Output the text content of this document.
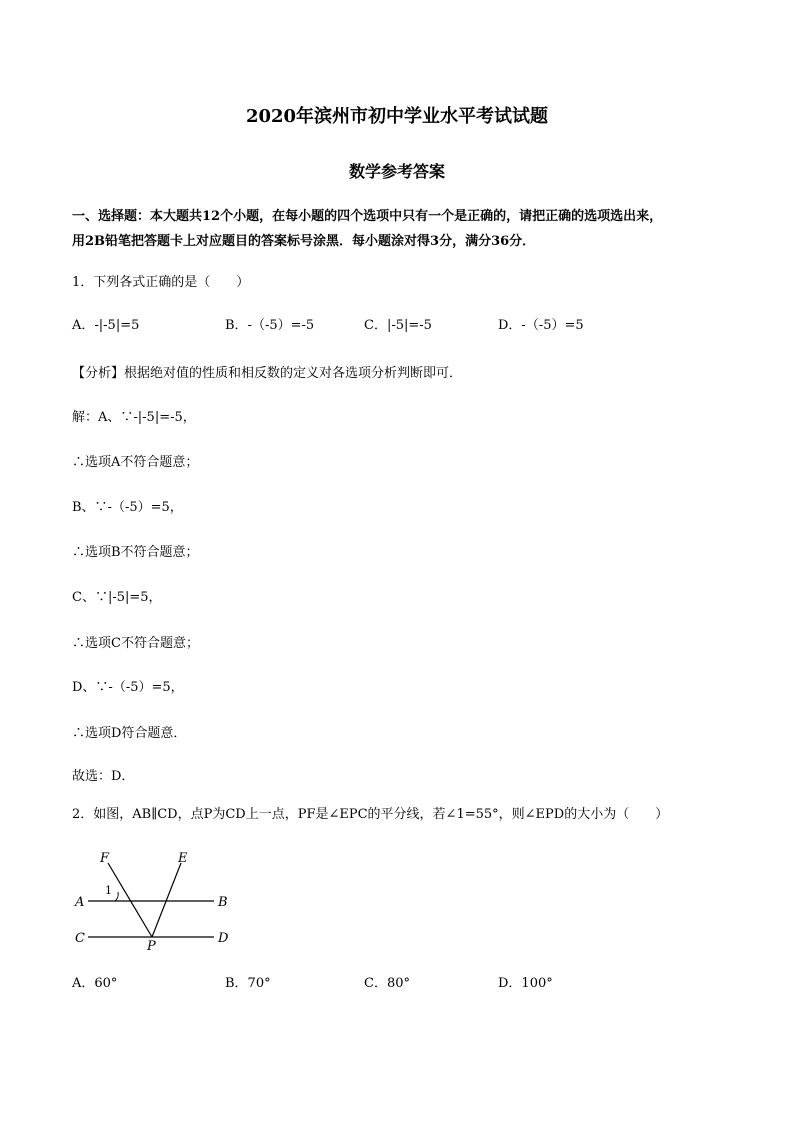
2020年滨州市初中学业水平考试试题
数学参考答案
一、选择题：本大题共12个小题，在每小题的四个选项中只有一个是正确的，请把正确的选项选出来，
用2B铅笔把答题卡上对应题目的答案标号涂黑．每小题涂对得3分，满分36分．
1．下列各式正确的是（　　）
A．-|-5|=5	B．-（-5）=-5	C．|-5|=-5	D．-（-5）=5
【分析】根据绝对值的性质和相反数的定义对各选项分析判断即可．
解：A、∵-|-5|=-5，
∴选项A不符合题意；
B、∵-（-5）=5，
∴选项B不符合题意；
C、∵|-5|=5，
∴选项C不符合题意；
D、∵-（-5）=5，
∴选项D符合题意．
故选：D．
2．如图，AB∥CD，点P为CD上一点，PF是∠EPC的平分线，若∠1=55°，则∠EPD的大小为（　　）
F	E
A	B
C	D
P
1
A．60°	B．70°	C．80°	D．100°
